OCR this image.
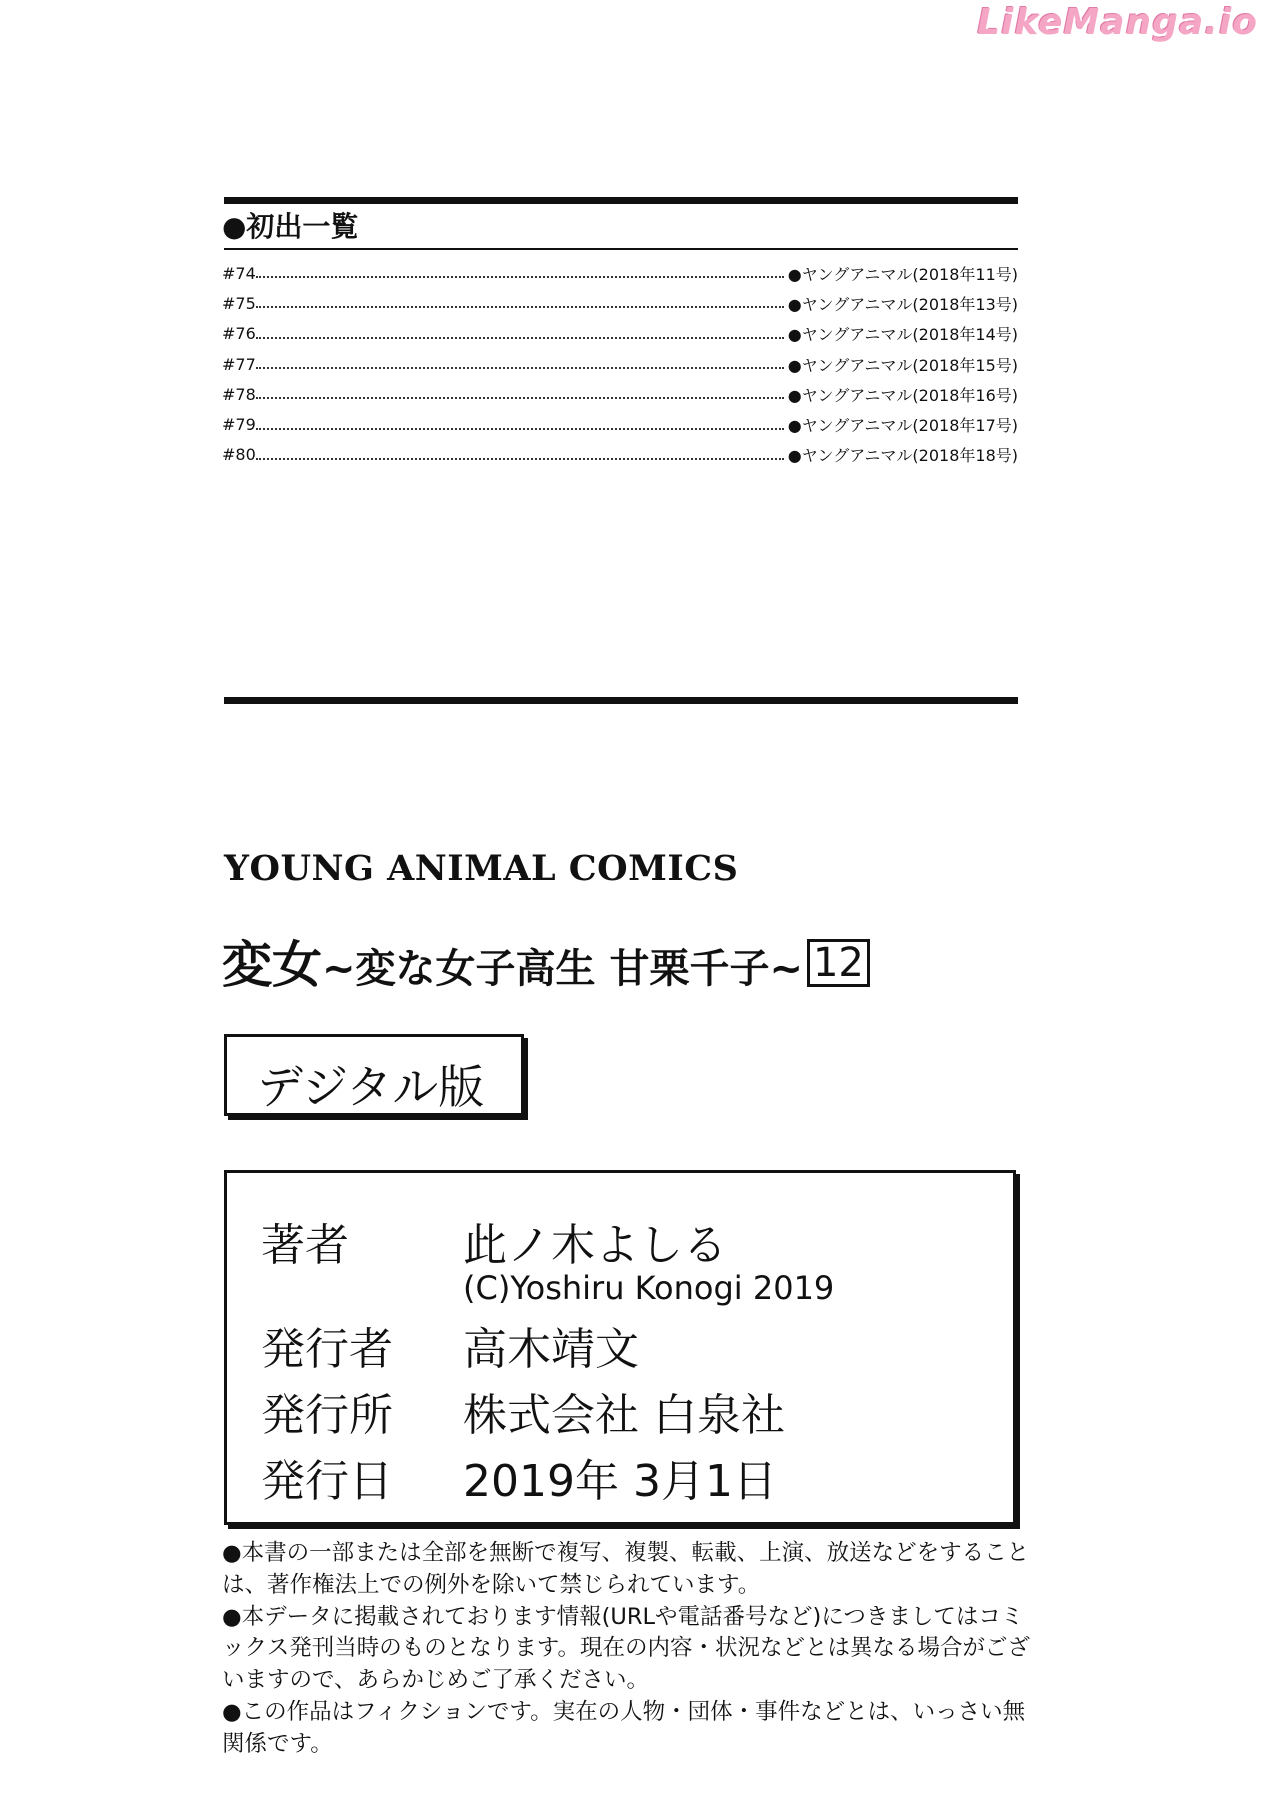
LikeManga.io
●初出一覧
#74	●ヤングアニマル(2018年11号)
#75	●ヤングアニマル(2018年13号)
#76	●ヤングアニマル(2018年14号)
#77	●ヤングアニマル(2018年15号)
#78	●ヤングアニマル(2018年16号)
#79	●ヤングアニマル(2018年17号)
#80	●ヤングアニマル(2018年18号)
YOUNG ANIMAL COMICS
変女~変な女子高生 甘栗千子~ 12
デジタル版
著者	此ノ木よしる
(C)Yoshiru Konogi 2019
発行者 高木靖文
発行所 株式会社 白泉社
発行日 2019年 3月1日

●本書の一部または全部を無断で複写、複製、転載、上演、放送などをすることは、著作権法上での例外を除いて禁じられています。

●本データに掲載されております情報(URLや電話番号など)につきましてはコミックス発刊当時のものとなります。現在の内容・状況などとは異なる場合がございますので、あらかじめご了承ください。

●この作品はフィクションです。実在の人物・団体・事件などとは、いっさい無関係です。
